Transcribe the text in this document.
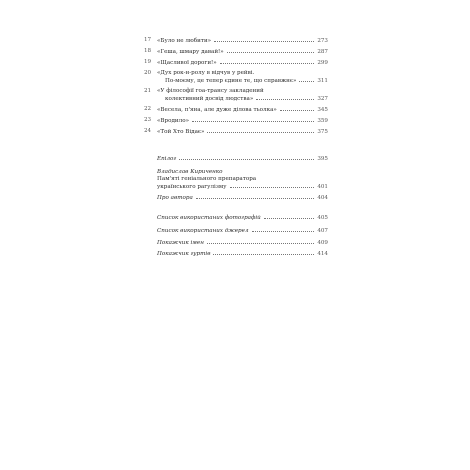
17 «Було не любити»	273
18 «Геша, шмару давай!»	287
19 «Щасливої дороги!»	299
20 «Дух рок-н-ролу в відчув у рейві.
По-моєму, це тепер єдине те, що справжнє»	311
21 «У філософії гоа-трансу закладений
колективний досвід людства»	327
22 «Весела, п'яна, але дуже ділова тьолка»	345
23 «Вродило»	359
24 «Той Хто Відає»	375
Епілог	395
Владислав Кириченко
Пам'яті геніального препаратора
українського рагулізму	401
Про автора	404
Список використаних фотографій	405
Список використаних джерел	407
Покажчик імен	409
Покажчик гуртів	414
